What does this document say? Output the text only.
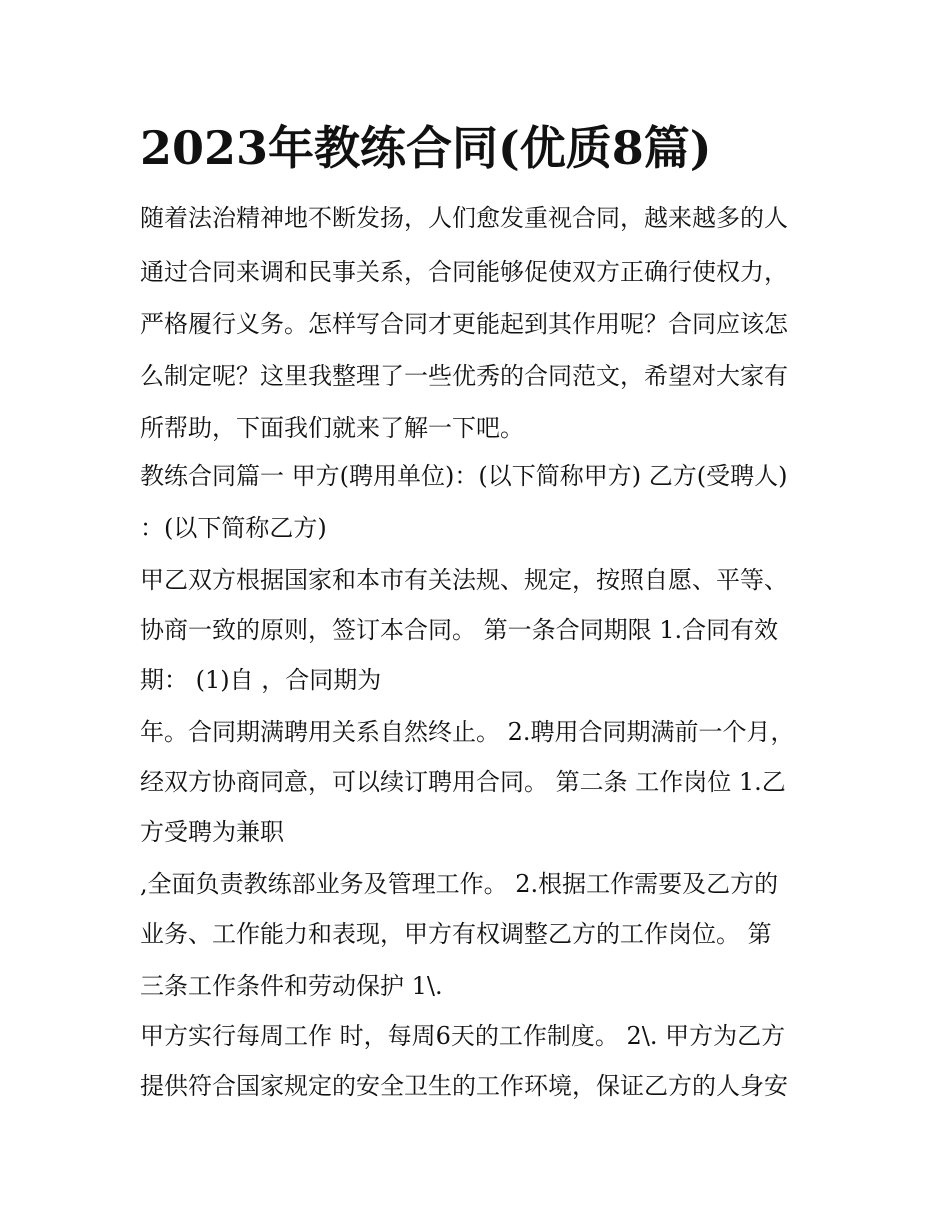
2023年教练合同(优质8篇)

随着法治精神地不断发扬，人们愈发重视合同，越来越多的人

通过合同来调和民事关系，合同能够促使双方正确行使权力，

严格履行义务。怎样写合同才更能起到其作用呢？合同应该怎

么制定呢？这里我整理了一些优秀的合同范文，希望对大家有

所帮助，下面我们就来了解一下吧。

教练合同篇一 甲方(聘用单位)：(以下简称甲方) 乙方(受聘人)

：(以下简称乙方)

甲乙双方根据国家和本市有关法规、规定，按照自愿、平等、

协商一致的原则，签订本合同。 第一条合同期限 1.合同有效

期： (1)自 ，合同期为

年。合同期满聘用关系自然终止。 2.聘用合同期满前一个月，

经双方协商同意，可以续订聘用合同。 第二条 工作岗位 1.乙

方受聘为兼职

,全面负责教练部业务及管理工作。 2.根据工作需要及乙方的

业务、工作能力和表现，甲方有权调整乙方的工作岗位。 第

三条工作条件和劳动保护 1\.

甲方实行每周工作 时，每周6天的工作制度。 2\. 甲方为乙方

提供符合国家规定的安全卫生的工作环境，保证乙方的人身安
